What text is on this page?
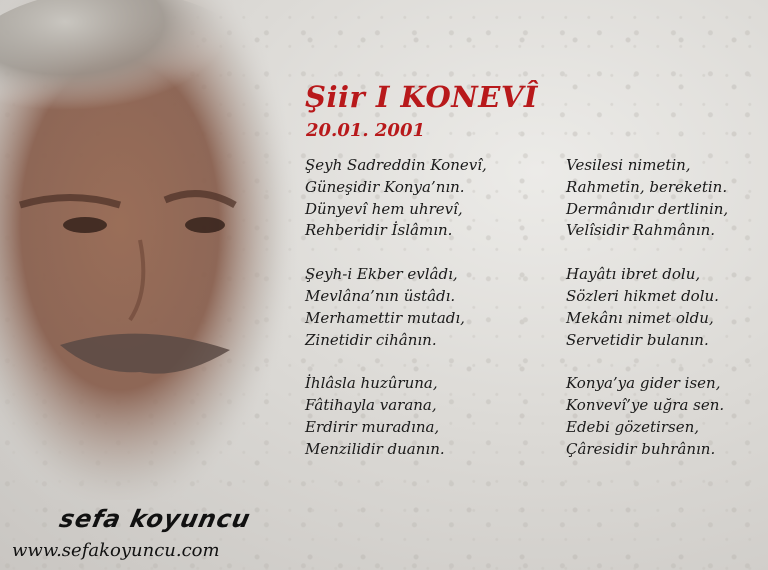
Şiir I KONEVÎ
20.01. 2001
Şeyh Sadreddin Konevî,
Güneşidir Konya’nın.
Dünyevî hem uhrevî,
Rehberidir İslâmın.
Şeyh-i Ekber evlâdı,
Mevlâna’nın üstâdı.
Merhamettir mutadı,
Zinetidir cihânın.
İhlâsla huzûruna,
Fâtihayla varana,
Erdirir muradına,
Menzilidir duanın.
Vesilesi nimetin,
Rahmetin, bereketin.
Dermânıdır dertlinin,
Velîsidir Rahmânın.
Hayâtı ibret dolu,
Sözleri hikmet dolu.
Mekânı nimet oldu,
Servetidir bulanın.
Konya’ya gider isen,
Konvevî’ye uğra sen.
Edebi gözetirsen,
Çâresidir buhrânın.
sefa koyuncu
www.sefakoyuncu.com
